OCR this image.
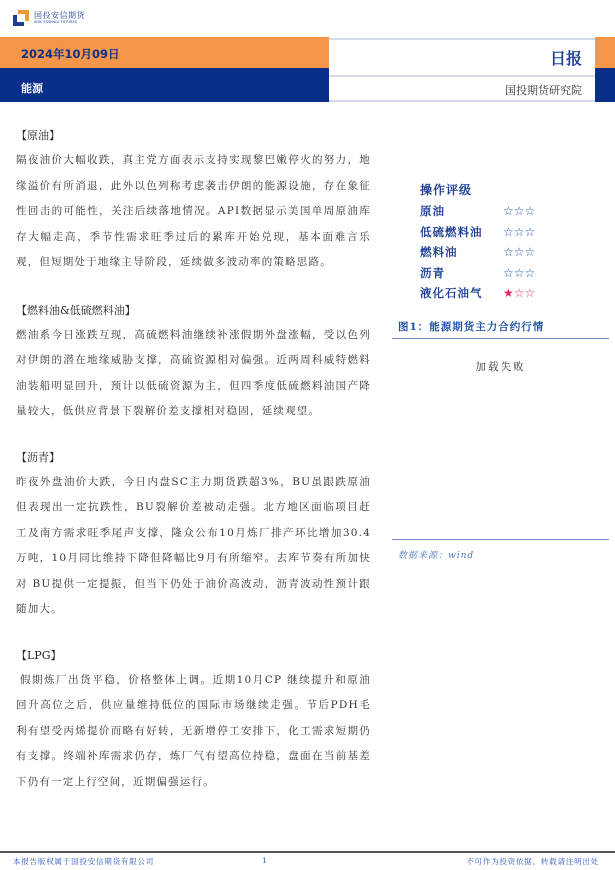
国投安信期货
SDIC ESSENCE FUTURES
2024年10月09日
能源
日报
国投期货研究院
【原油】

隔夜油价大幅收跌，真主党方面表示支持实现黎巴嫩停火的努力，地缘溢价有所消退，此外以色列称考虑袭击伊朗的能源设施，存在象征性回击的可能性，关注后续落地情况。API数据显示美国单周原油库存大幅走高，季节性需求旺季过后的累库开始兑现，基本面难言乐观，但短期处于地缘主导阶段，延续做多波动率的策略思路。

【燃料油&低硫燃料油】

燃油系今日涨跌互现，高硫燃料油继续补涨假期外盘涨幅，受以色列对伊朗的潜在地缘威胁支撑，高硫资源相对偏强。近两周科威特燃料油装船明显回升，预计以低硫资源为主，但四季度低硫燃料油国产降量较大，低供应背景下裂解价差支撑相对稳固，延续观望。

【沥青】

昨夜外盘油价大跌，今日内盘SC主力期货跌超3%，BU虽跟跌原油但表现出一定抗跌性，BU裂解价差被动走强。北方地区面临项目赶工及南方需求旺季尾声支撑，隆众公布10月炼厂排产环比增加30.4万吨，10月同比维持下降但降幅比9月有所缩窄。去库节奏有所加快对 BU提供一定提振，但当下仍处于油价高波动，沥青波动性预计跟随加大。

【LPG】

假期炼厂出货平稳，价格整体上调。近期10月CP 继续提升和原油回升高位之后，供应量维持低位的国际市场继续走强。节后PDH毛利有望受丙烯提价而略有好转，无新增停工安排下，化工需求短期仍有支撑。终端补库需求仍存，炼厂气有望高位持稳，盘面在当前基差下仍有一定上行空间，近期偏强运行。

操作评级
原油	☆☆☆
低硫燃料油	☆☆☆
燃料油	☆☆☆
沥青	☆☆☆
液化石油气	★☆☆
图1：能源期货主力合约行情
加载失败
数据来源：wind
本报告版权属于国投安信期货有限公司	1	不可作为投资依据，转载请注明出处
